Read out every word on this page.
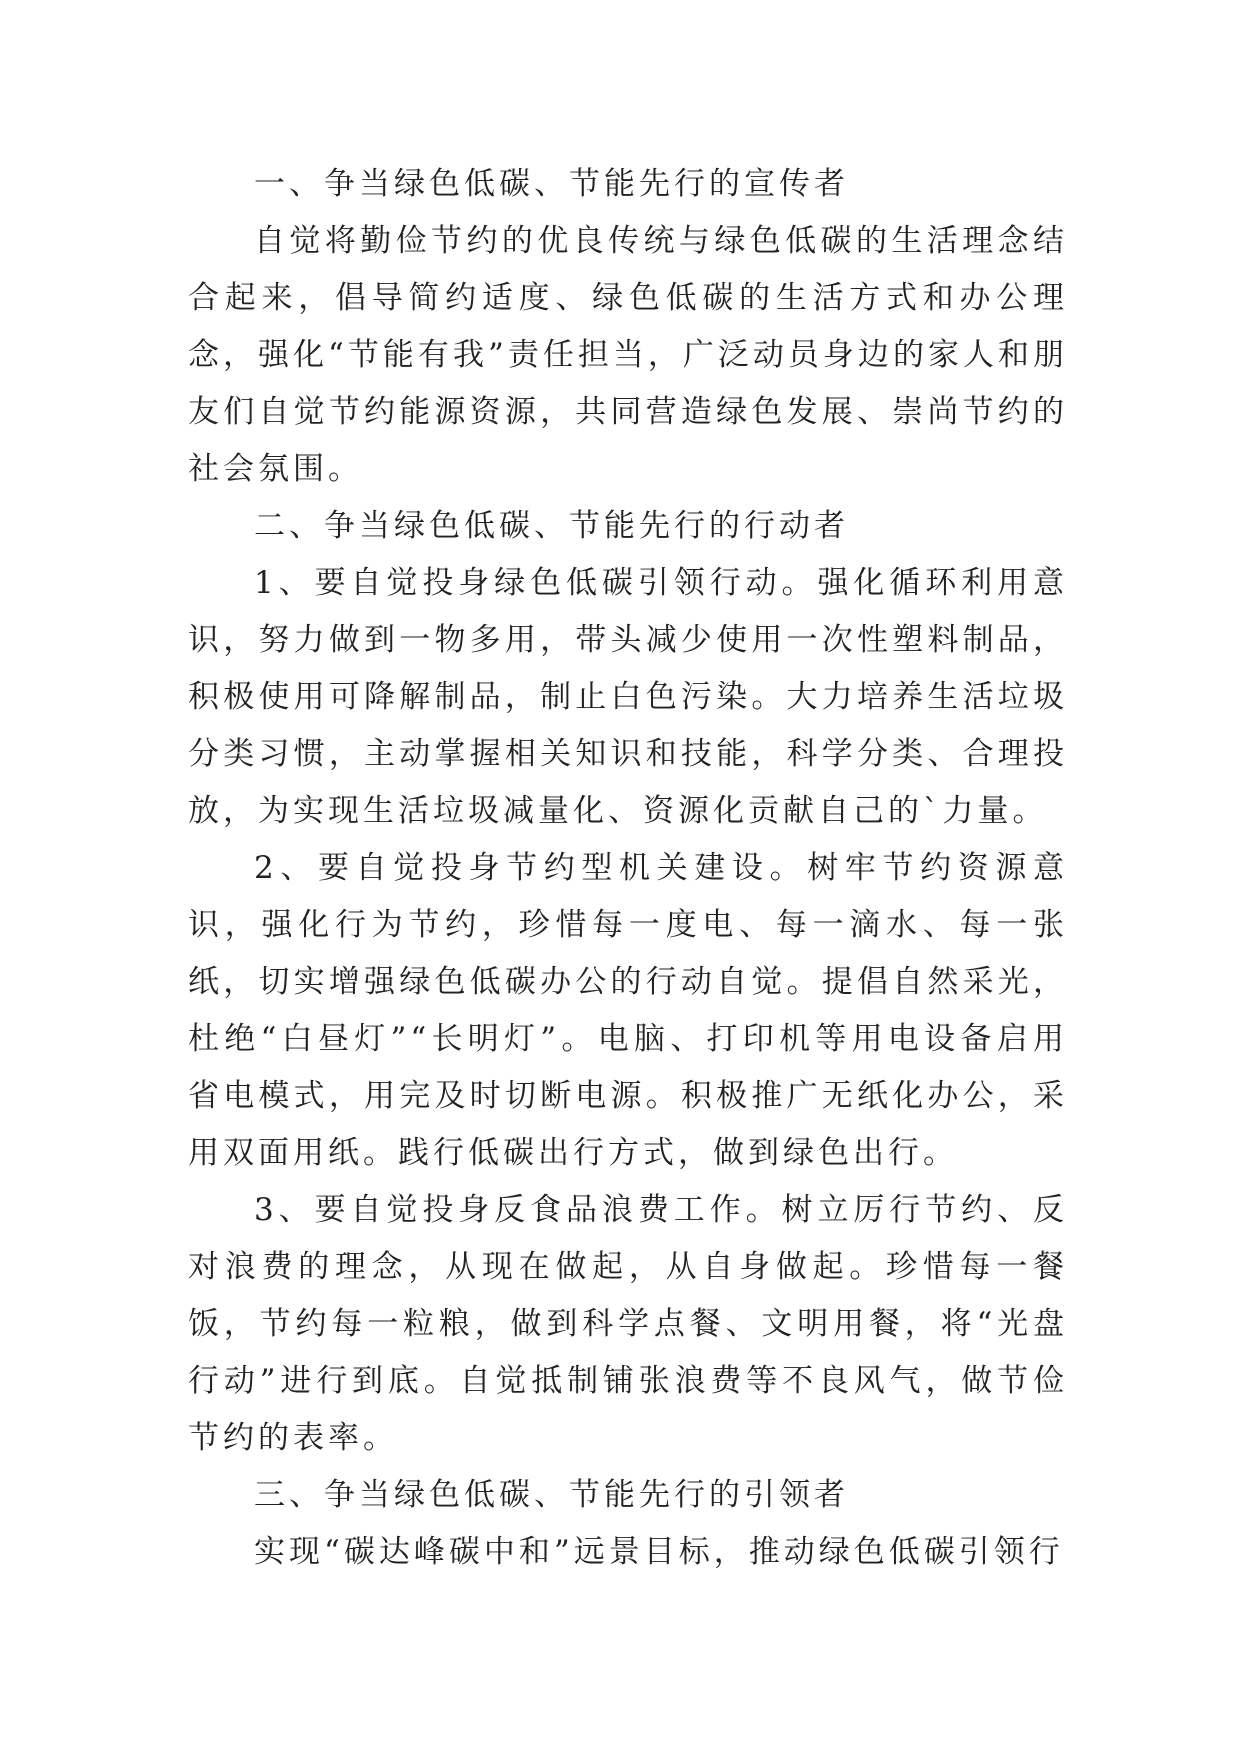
一、争当绿色低碳、节能先行的宣传者

自觉将勤俭节约的优良传统与绿色低碳的生活理念结合起来，倡导简约适度、绿色低碳的生活方式和办公理念，强化“节能有我”责任担当，广泛动员身边的家人和朋友们自觉节约能源资源，共同营造绿色发展、崇尚节约的社会氛围。

二、争当绿色低碳、节能先行的行动者

1、要自觉投身绿色低碳引领行动。强化循环利用意识，努力做到一物多用，带头减少使用一次性塑料制品，积极使用可降解制品，制止白色污染。大力培养生活垃圾分类习惯，主动掌握相关知识和技能，科学分类、合理投放，为实现生活垃圾减量化、资源化贡献自己的`力量。

2、要自觉投身节约型机关建设。树牢节约资源意识，强化行为节约，珍惜每一度电、每一滴水、每一张纸，切实增强绿色低碳办公的行动自觉。提倡自然采光，杜绝“白昼灯”“长明灯”。电脑、打印机等用电设备启用省电模式，用完及时切断电源。积极推广无纸化办公，采用双面用纸。践行低碳出行方式，做到绿色出行。

3、要自觉投身反食品浪费工作。树立厉行节约、反对浪费的理念，从现在做起，从自身做起。珍惜每一餐饭，节约每一粒粮，做到科学点餐、文明用餐，将“光盘行动”进行到底。自觉抵制铺张浪费等不良风气，做节俭节约的表率。

三、争当绿色低碳、节能先行的引领者

实现“碳达峰碳中和”远景目标，推动绿色低碳引领行
